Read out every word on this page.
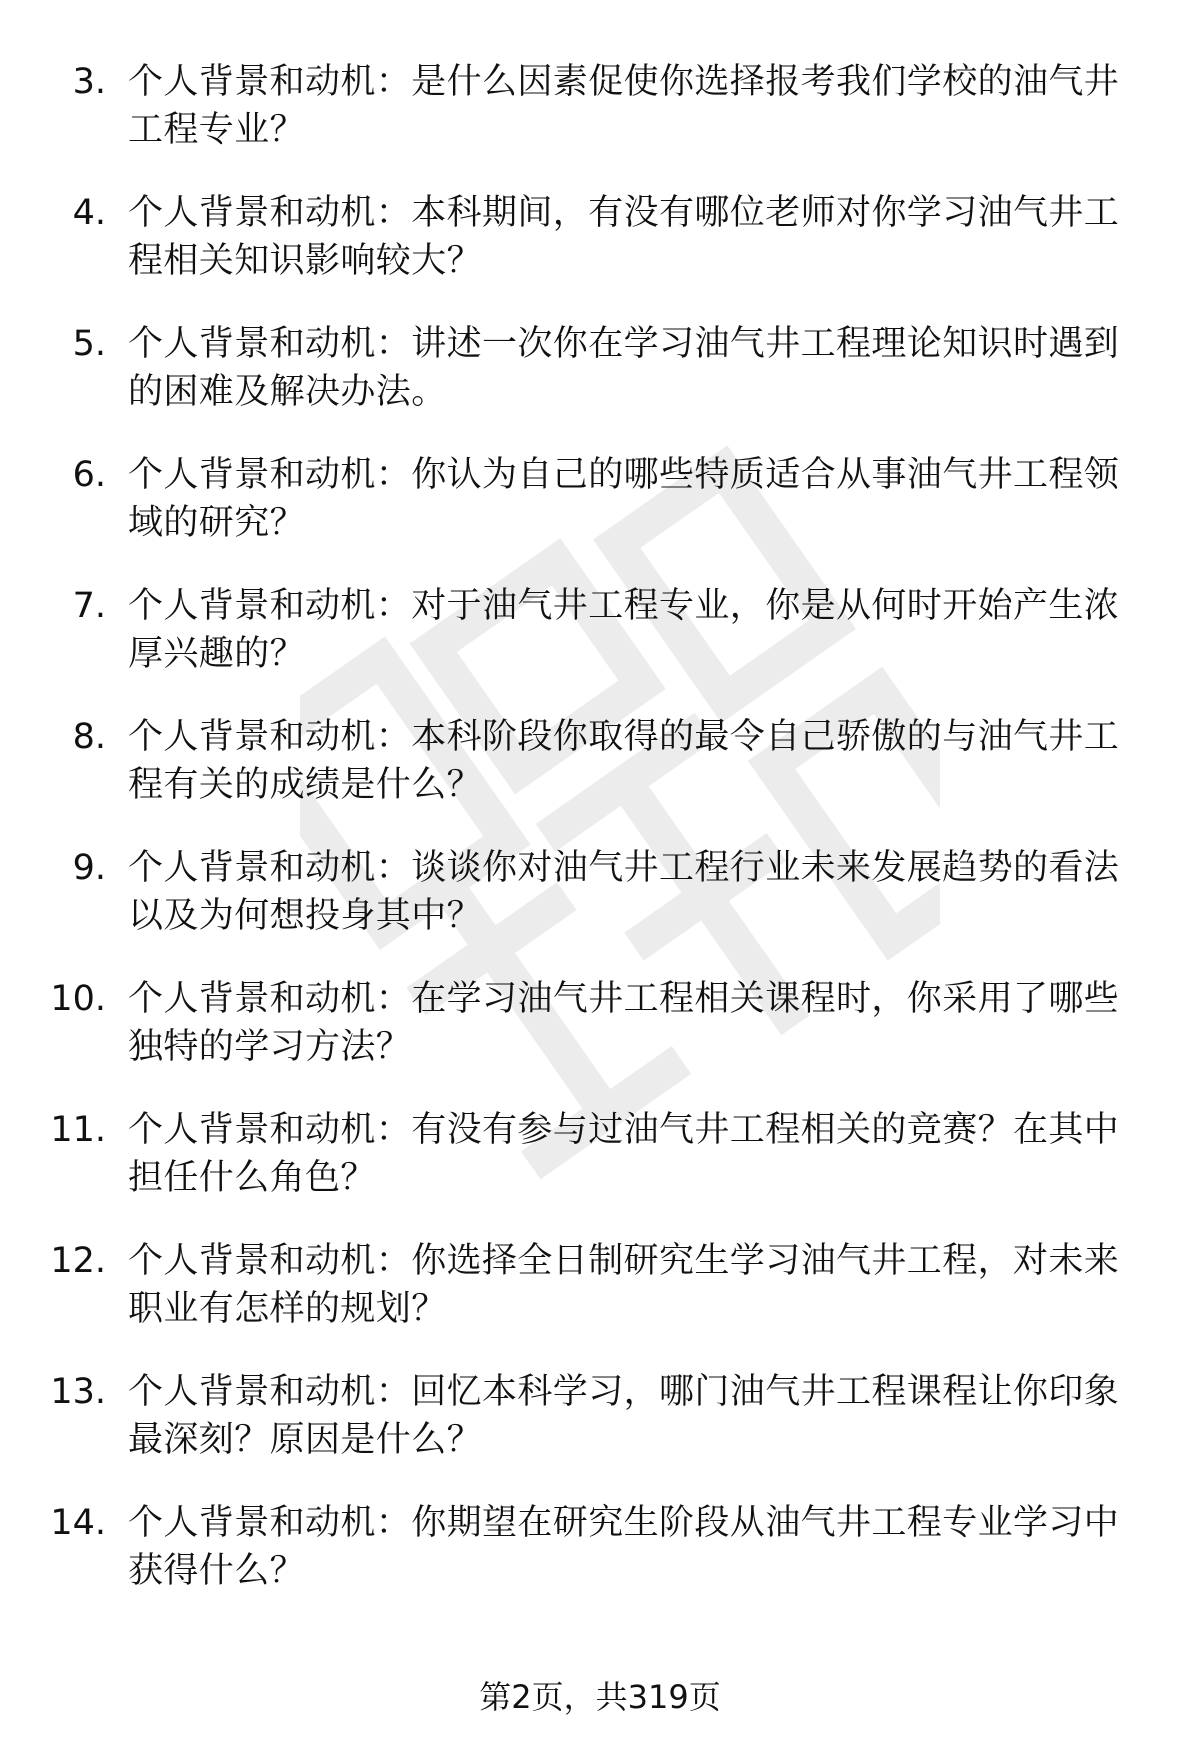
3. 个人背景和动机：是什么因素促使你选择报考我们学校的油气井工程专业？
4. 个人背景和动机：本科期间，有没有哪位老师对你学习油气井工程相关知识影响较大？
5. 个人背景和动机：讲述一次你在学习油气井工程理论知识时遇到的困难及解决办法。
6. 个人背景和动机：你认为自己的哪些特质适合从事油气井工程领域的研究？
7. 个人背景和动机：对于油气井工程专业，你是从何时开始产生浓厚兴趣的？
8. 个人背景和动机：本科阶段你取得的最令自己骄傲的与油气井工程有关的成绩是什么？
9. 个人背景和动机：谈谈你对油气井工程行业未来发展趋势的看法以及为何想投身其中？
10. 个人背景和动机：在学习油气井工程相关课程时，你采用了哪些独特的学习方法？
11. 个人背景和动机：有没有参与过油气井工程相关的竞赛？在其中担任什么角色？
12. 个人背景和动机：你选择全日制研究生学习油气井工程，对未来职业有怎样的规划？
13. 个人背景和动机：回忆本科学习，哪门油气井工程课程让你印象最深刻？原因是什么？
14. 个人背景和动机：你期望在研究生阶段从油气井工程专业学习中获得什么？
第2页，共319页
